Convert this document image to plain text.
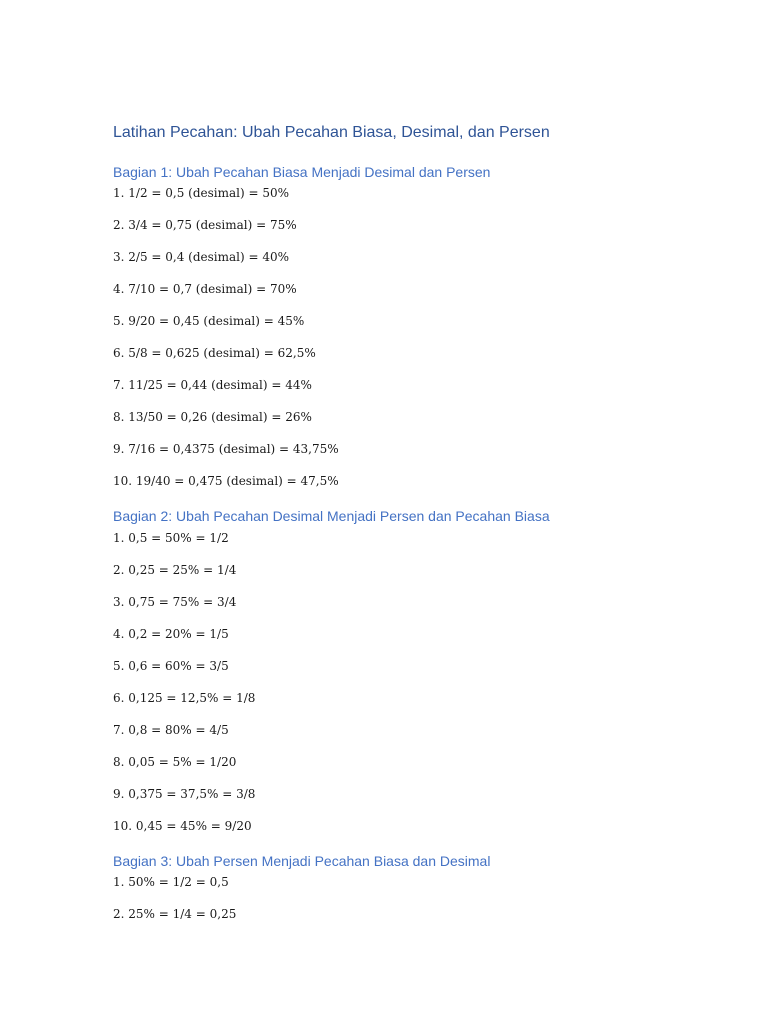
Latihan Pecahan: Ubah Pecahan Biasa, Desimal, dan Persen
Bagian 1: Ubah Pecahan Biasa Menjadi Desimal dan Persen
1. 1/2 = 0,5 (desimal) = 50%
2. 3/4 = 0,75 (desimal) = 75%
3. 2/5 = 0,4 (desimal) = 40%
4. 7/10 = 0,7 (desimal) = 70%
5. 9/20 = 0,45 (desimal) = 45%
6. 5/8 = 0,625 (desimal) = 62,5%
7. 11/25 = 0,44 (desimal) = 44%
8. 13/50 = 0,26 (desimal) = 26%
9. 7/16 = 0,4375 (desimal) = 43,75%
10. 19/40 = 0,475 (desimal) = 47,5%
Bagian 2: Ubah Pecahan Desimal Menjadi Persen dan Pecahan Biasa
1. 0,5 = 50% = 1/2
2. 0,25 = 25% = 1/4
3. 0,75 = 75% = 3/4
4. 0,2 = 20% = 1/5
5. 0,6 = 60% = 3/5
6. 0,125 = 12,5% = 1/8
7. 0,8 = 80% = 4/5
8. 0,05 = 5% = 1/20
9. 0,375 = 37,5% = 3/8
10. 0,45 = 45% = 9/20
Bagian 3: Ubah Persen Menjadi Pecahan Biasa dan Desimal
1. 50% = 1/2 = 0,5
2. 25% = 1/4 = 0,25
